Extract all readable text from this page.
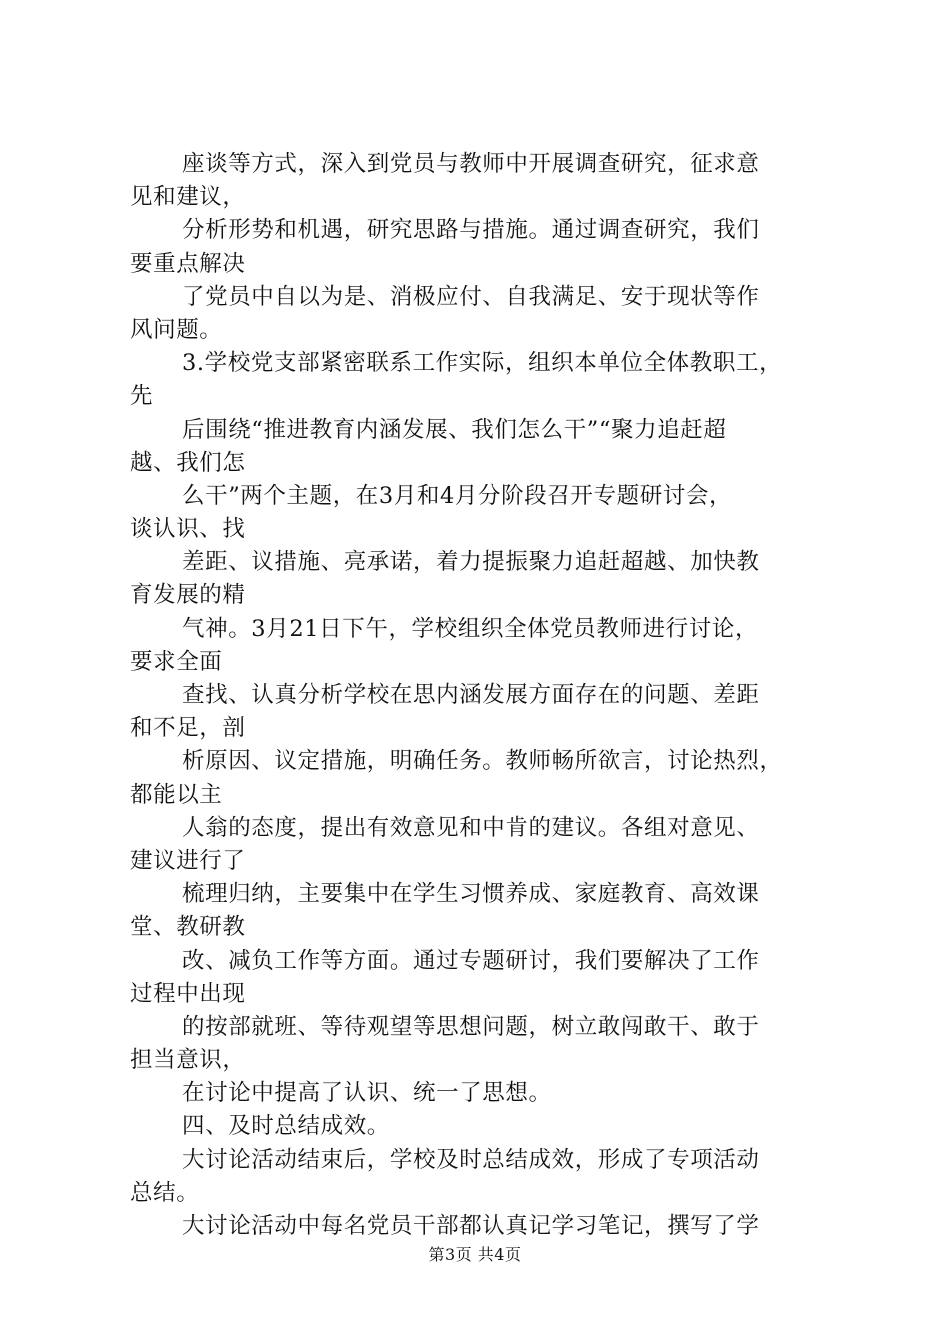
座谈等方式，深入到党员与教师中开展调查研究，征求意
见和建议，
分析形势和机遇，研究思路与措施。通过调查研究，我们
要重点解决
了党员中自以为是、消极应付、自我满足、安于现状等作
风问题。
3.学校党支部紧密联系工作实际，组织本单位全体教职工，
先
后围绕“推进教育内涵发展、我们怎么干”“聚力追赶超
越、我们怎
么干”两个主题，在3月和4月分阶段召开专题研讨会，
谈认识、找
差距、议措施、亮承诺，着力提振聚力追赶超越、加快教
育发展的精
气神。3月21日下午，学校组织全体党员教师进行讨论，
要求全面
查找、认真分析学校在思内涵发展方面存在的问题、差距
和不足，剖
析原因、议定措施，明确任务。教师畅所欲言，讨论热烈，
都能以主
人翁的态度，提出有效意见和中肯的建议。各组对意见、
建议进行了
梳理归纳，主要集中在学生习惯养成、家庭教育、高效课
堂、教研教
改、减负工作等方面。通过专题研讨，我们要解决了工作
过程中出现
的按部就班、等待观望等思想问题，树立敢闯敢干、敢于
担当意识，
在讨论中提高了认识、统一了思想。
四、及时总结成效。
大讨论活动结束后，学校及时总结成效，形成了专项活动
总结。
大讨论活动中每名党员干部都认真记学习笔记，撰写了学
第3页 共4页
